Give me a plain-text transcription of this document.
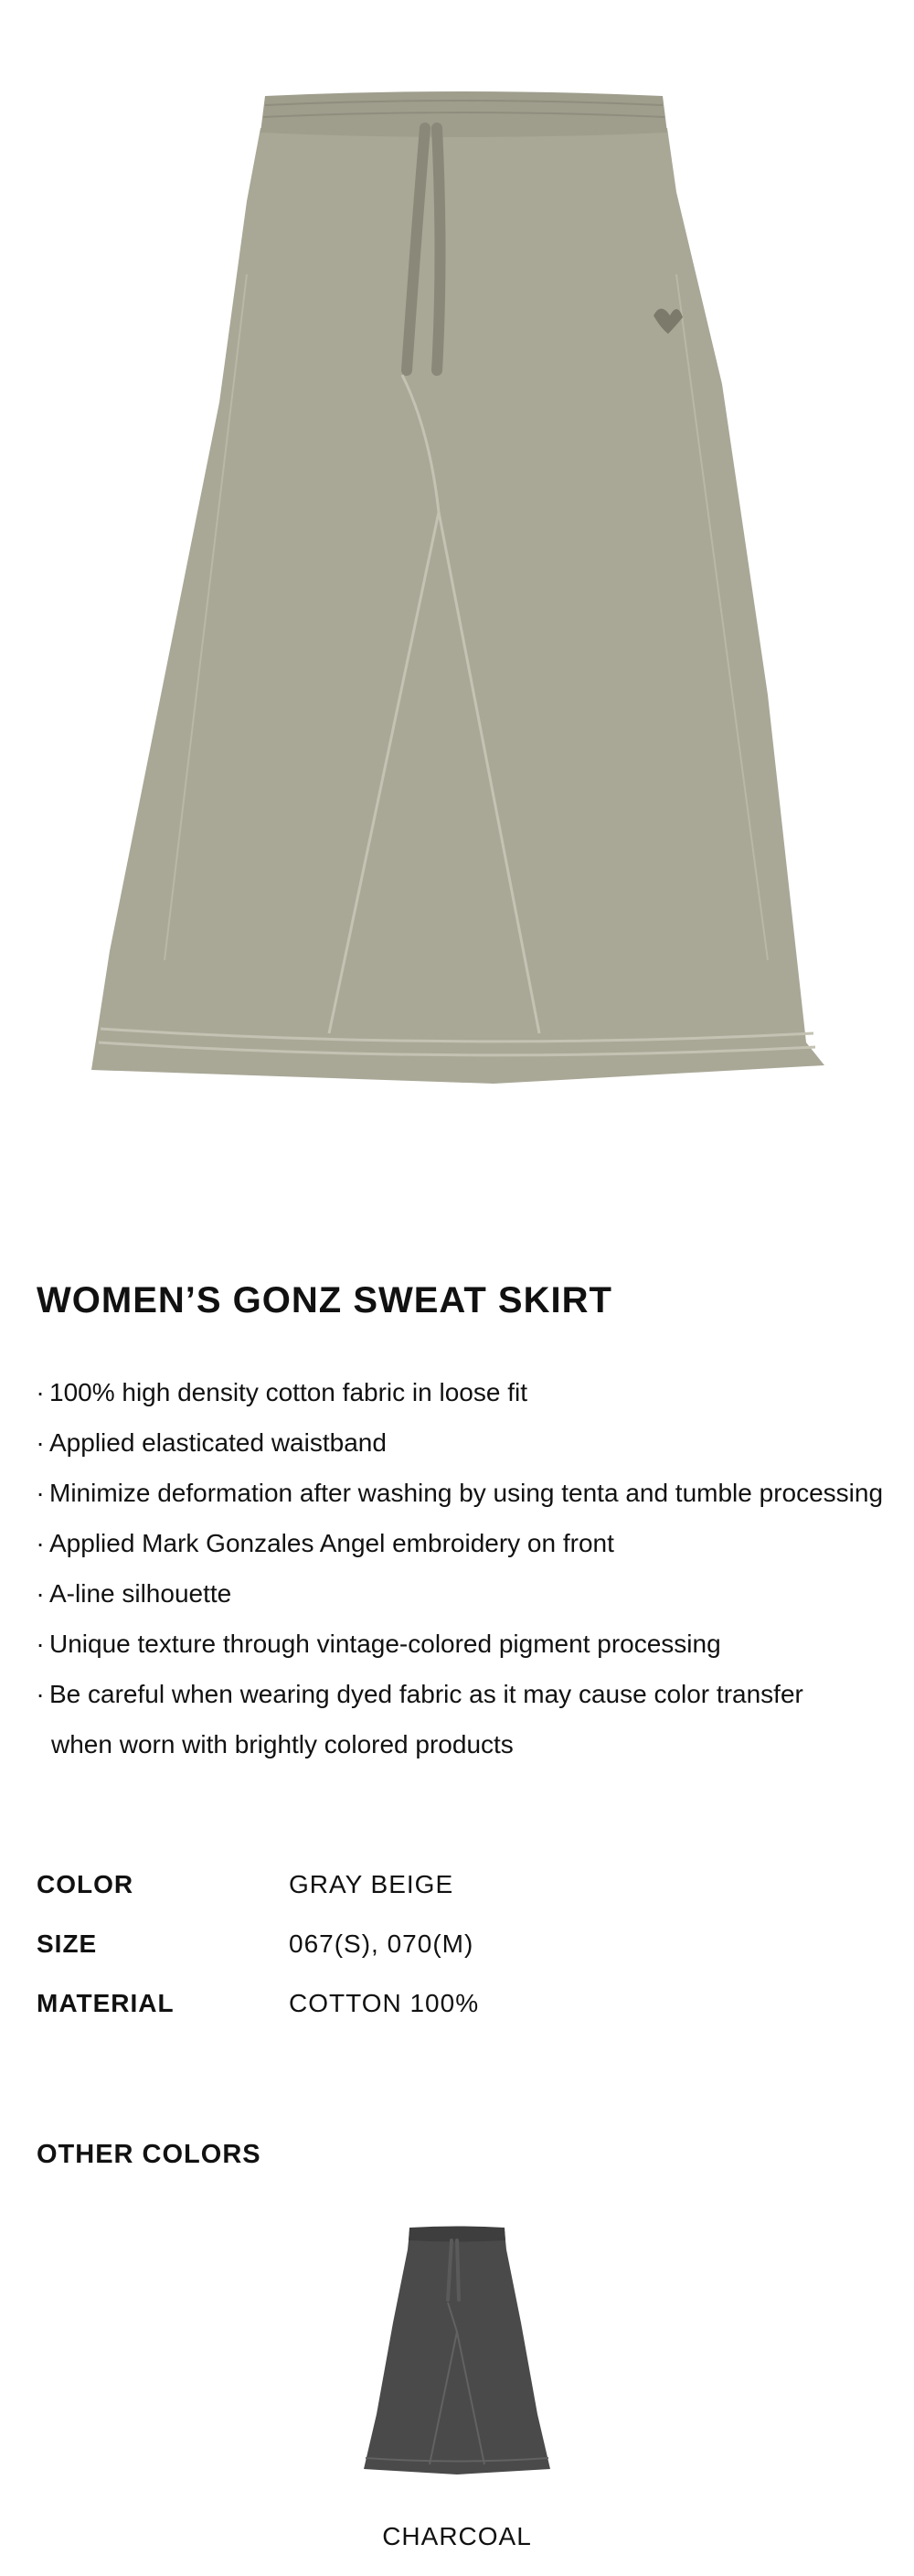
WOMEN’S GONZ SWEAT SKIRT
· 100% high density cotton fabric in loose fit
· Applied elasticated waistband
· Minimize deformation after washing by using tenta and tumble processing
· Applied Mark Gonzales Angel embroidery on front
· A-line silhouette
· Unique texture through vintage-colored pigment processing
· Be careful when wearing dyed fabric as it may cause color transfer
when worn with brightly colored products
COLOR	GRAY BEIGE
SIZE	067(S), 070(M)
MATERIAL	COTTON 100%
OTHER COLORS
CHARCOAL
